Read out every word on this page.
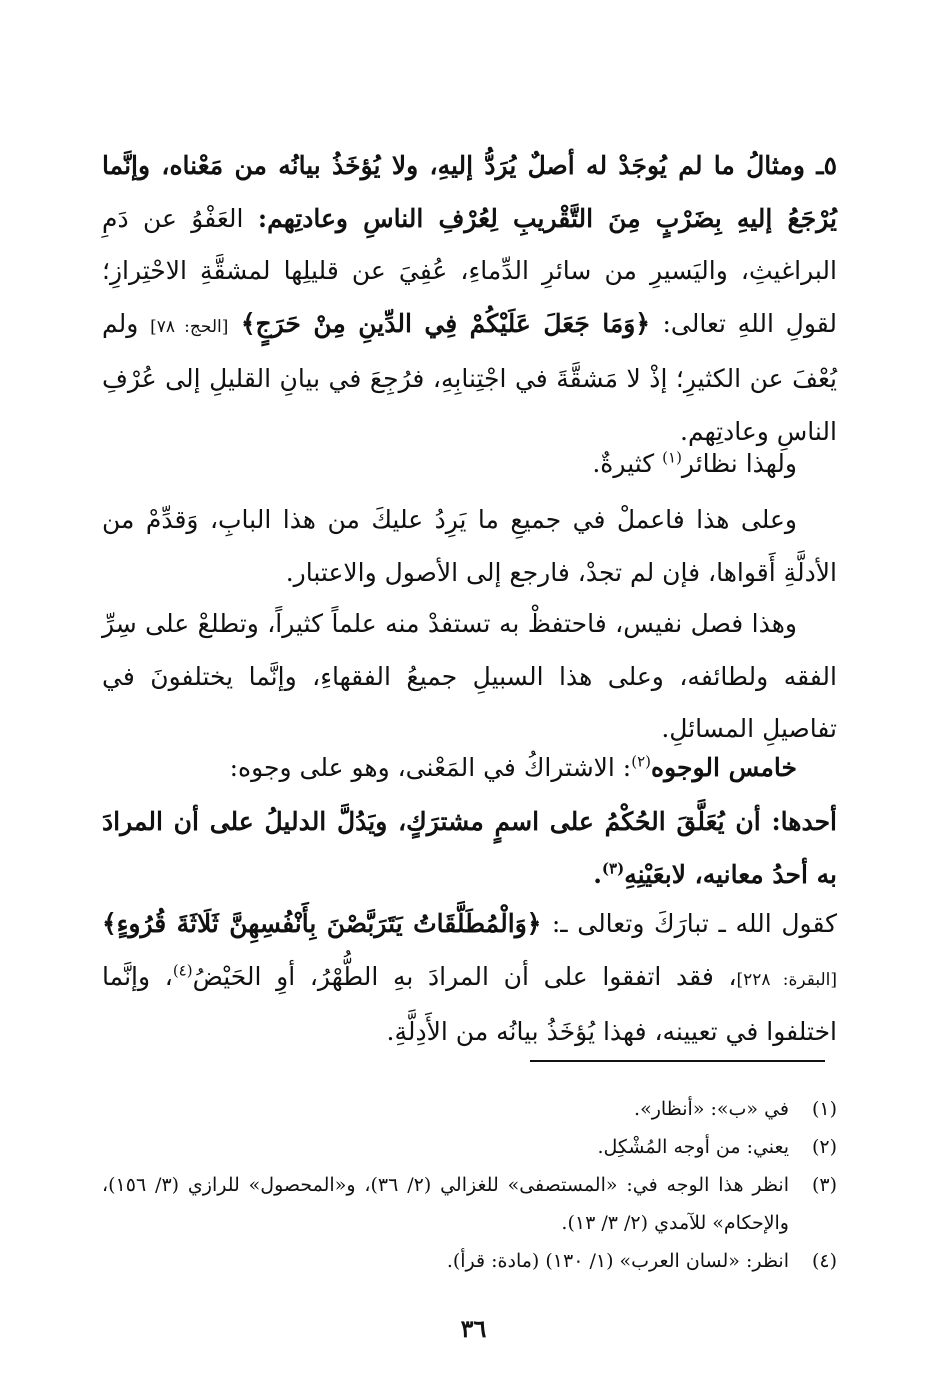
٥ـ ومثالُ ما لم يُوجَدْ له أصلٌ يُرَدُّ إليهِ، ولا يُؤخَذُ بيانُه من مَعْناه، وإنَّما يُرْجَعُ إليهِ بِضَرْبٍ مِنَ التَّقْريبِ لِعُرْفِ الناسِ وعادتِهم: العَفْوُ عن دَمِ البراغيثِ، واليَسيرِ من سائرِ الدِّماءِ، عُفِيَ عن قليلِها لمشقَّةِ الاحْتِرازِ؛ لقولِ اللهِ تعالى: ﴿وَمَا جَعَلَ عَلَيْكُمْ فِي الدِّينِ مِنْ حَرَجٍ﴾ [الحج: ٧٨] ولم يُعْفَ عن الكثيرِ؛ إذْ لا مَشقَّةَ في اجْتِنابِهِ، فرُجِعَ في بيانِ القليلِ إلى عُرْفِ الناسِ وعادتِهم.

ولهذا نظائر$^{(١)}$ كثيرةٌ.

وعلى هذا فاعملْ في جميعِ ما يَرِدُ عليكَ من هذا البابِ، وَقدِّمْ من الأدلَّةِ أَقواها، فإن لم تجدْ، فارجع إلى الأصول والاعتبار.

وهذا فصل نفيس، فاحتفظْ به تستفدْ منه علماً كثيراً، وتطلعْ على سِرِّ الفقه ولطائفه، وعلى هذا السبيلِ جميعُ الفقهاءِ، وإنَّما يختلفونَ في تفاصيلِ المسائلِ.

خامس الوجوه$^{(٢)}$: الاشتراكُ في المَعْنى، وهو على وجوه:

أحدها: أن يُعَلَّقَ الحُكْمُ على اسمٍ مشترَكٍ، ويَدُلَّ الدليلُ على أن المرادَ به أحدُ معانيه، لابعَيْنِهِ$^{(٣)}$.

كقول الله ـ تبارَكَ وتعالى ـ: ﴿وَالْمُطَلَّقَاتُ يَتَرَبَّصْنَ بِأَنْفُسِهِنَّ ثَلَاثَةَ قُرُوءٍ﴾ [البقرة: ٢٢٨]، فقد اتفقوا على أن المرادَ بهِ الطُّهْرُ، أوِ الحَيْضُ$^{(٤)}$، وإنَّما اختلفوا في تعيينه، فهذا يُؤخَذُ بيانُه من الأَدِلَّةِ.

(١)
في «ب»: «أنظار».
(٢)
يعني: من أوجه المُشْكِل.
(٣)
انظر هذا الوجه في: «المستصفى» للغزالي (٢/ ٣٦)، و«المحصول» للرازي (٣/ ١٥٦)، والإحكام» للآمدي (٢/ ٣/ ١٣).
(٤)
انظر: «لسان العرب» (١/ ١٣٠) (مادة: قرأ).
٣٦
